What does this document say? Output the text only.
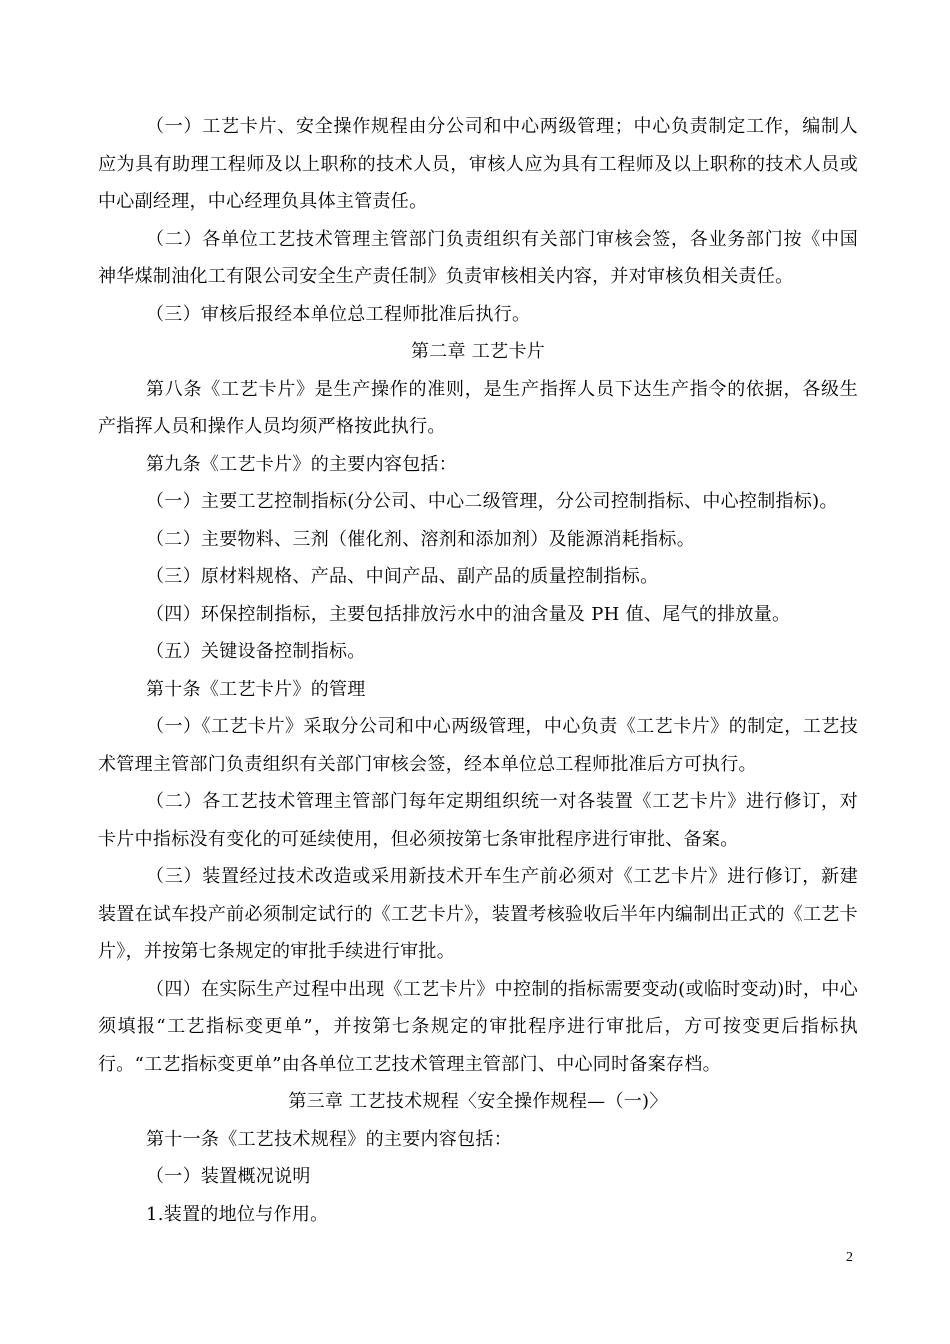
（一）工艺卡片、安全操作规程由分公司和中心两级管理；中心负责制定工作，编制人应为具有助理工程师及以上职称的技术人员，审核人应为具有工程师及以上职称的技术人员或中心副经理，中心经理负具体主管责任。

（二）各单位工艺技术管理主管部门负责组织有关部门审核会签，各业务部门按《中国神华煤制油化工有限公司安全生产责任制》负责审核相关内容，并对审核负相关责任。

（三）审核后报经本单位总工程师批准后执行。

第二章 工艺卡片

第八条《工艺卡片》是生产操作的准则，是生产指挥人员下达生产指令的依据，各级生产指挥人员和操作人员均须严格按此执行。

第九条《工艺卡片》的主要内容包括：

（一）主要工艺控制指标(分公司、中心二级管理，分公司控制指标、中心控制指标)。

（二）主要物料、三剂（催化剂、溶剂和添加剂）及能源消耗指标。

（三）原材料规格、产品、中间产品、副产品的质量控制指标。

（四）环保控制指标，主要包括排放污水中的油含量及 PH 值、尾气的排放量。

（五）关键设备控制指标。

第十条《工艺卡片》的管理

（一）《工艺卡片》采取分公司和中心两级管理，中心负责《工艺卡片》的制定，工艺技术管理主管部门负责组织有关部门审核会签，经本单位总工程师批准后方可执行。

（二）各工艺技术管理主管部门每年定期组织统一对各装置《工艺卡片》进行修订，对卡片中指标没有变化的可延续使用，但必须按第七条审批程序进行审批、备案。

（三）装置经过技术改造或采用新技术开车生产前必须对《工艺卡片》进行修订，新建装置在试车投产前必须制定试行的《工艺卡片》，装置考核验收后半年内编制出正式的《工艺卡片》，并按第七条规定的审批手续进行审批。

（四）在实际生产过程中出现《工艺卡片》中控制的指标需要变动(或临时变动)时，中心须填报“工艺指标变更单”，并按第七条规定的审批程序进行审批后，方可按变更后指标执行。“工艺指标变更单”由各单位工艺技术管理主管部门、中心同时备案存档。

第三章 工艺技术规程〈安全操作规程—（一)〉

第十一条《工艺技术规程》的主要内容包括：

（一）装置概况说明

1.装置的地位与作用。

2
